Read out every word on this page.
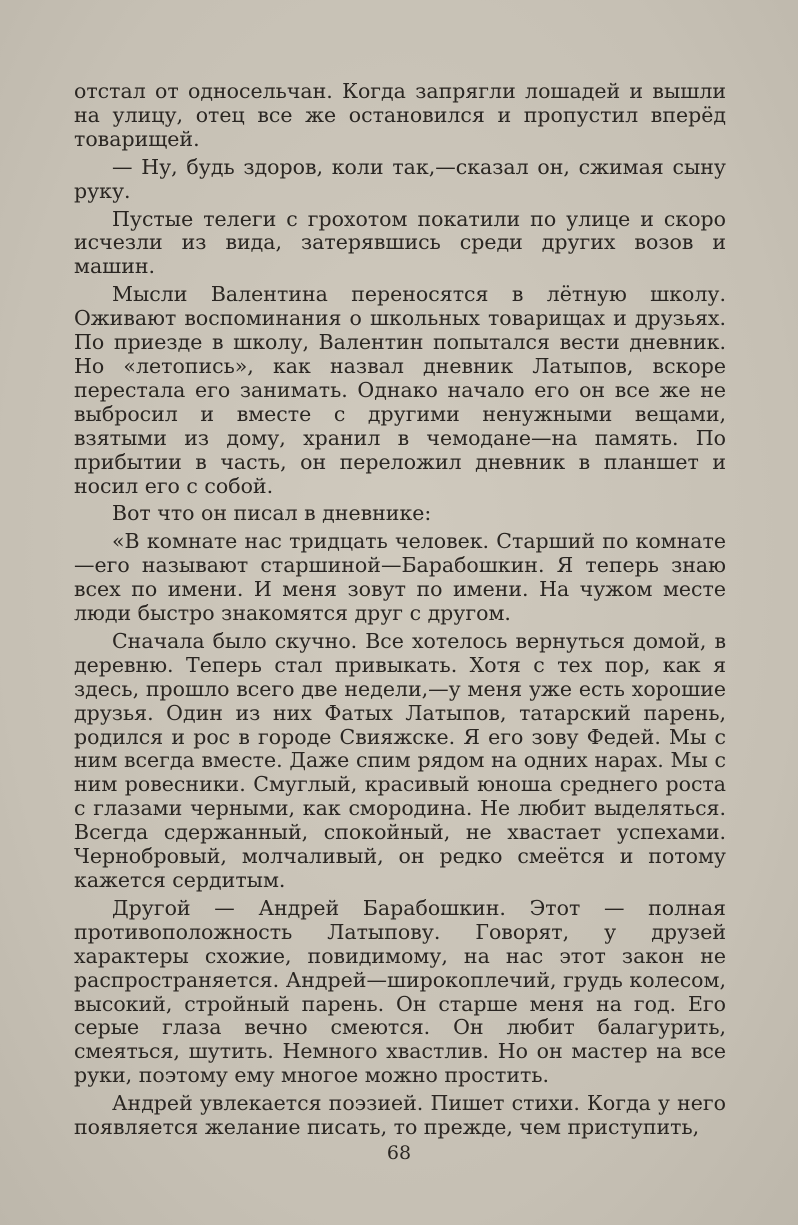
отстал от односельчан. Когда запрягли лошадей и вышли на улицу, отец все же остановился и пропустил вперёд товарищей.

— Ну, будь здоров, коли так,—сказал он, сжимая сыну руку.

Пустые телеги с грохотом покатили по улице и скоро исчезли из вида, затерявшись среди других возов и машин.

Мысли Валентина переносятся в лётную школу. Оживают воспоминания о школьных товарищах и друзьях. По приезде в школу, Валентин попытался вести дневник. Но «летопись», как назвал дневник Латыпов, вскоре перестала его занимать. Однако начало его он все же не выбросил и вместе с другими ненужными вещами, взятыми из дому, хранил в чемодане—на память. По прибытии в часть, он переложил дневник в планшет и носил его с собой.

Вот что он писал в дневнике:

«В комнате нас тридцать человек. Старший по комнате—его называют старшиной—Барабошкин. Я теперь знаю всех по имени. И меня зовут по имени. На чужом месте люди быстро знакомятся друг с другом.

Сначала было скучно. Все хотелось вернуться домой, в деревню. Теперь стал привыкать. Хотя с тех пор, как я здесь, прошло всего две недели,—у меня уже есть хорошие друзья. Один из них Фатых Латыпов, татарский парень, родился и рос в городе Свияжске. Я его зову Федей. Мы с ним всегда вместе. Даже спим рядом на одних нарах. Мы с ним ровесники. Смуглый, красивый юноша среднего роста с глазами черными, как смородина. Не любит выделяться. Всегда сдержанный, спокойный, не хвастает успехами. Чернобровый, молчаливый, он редко смеётся и потому кажется сердитым.

Другой — Андрей Барабошкин. Этот — полная противоположность Латыпову. Говорят, у друзей характеры схожие, повидимому, на нас этот закон не распространяется. Андрей—широкоплечий, грудь колесом, высокий, стройный парень. Он старше меня на год. Его серые глаза вечно смеются. Он любит балагурить, смеяться, шутить. Немного хвастлив. Но он мастер на все руки, поэтому ему многое можно простить.

Андрей увлекается поэзией. Пишет стихи. Когда у него появляется желание писать, то прежде, чем приступить,

68
